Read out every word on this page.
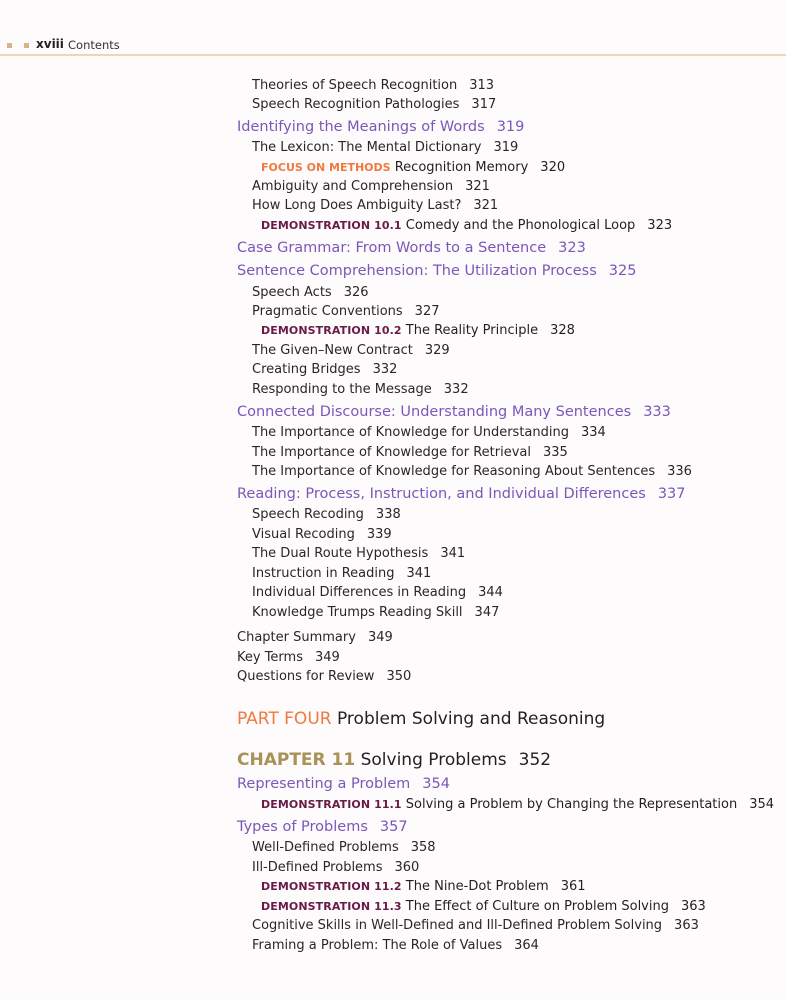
xviii Contents
Theories of Speech Recognition 313
Speech Recognition Pathologies 317
Identifying the Meanings of Words 319
The Lexicon: The Mental Dictionary 319
FOCUS ON METHODS Recognition Memory 320
Ambiguity and Comprehension 321
How Long Does Ambiguity Last? 321
DEMONSTRATION 10.1 Comedy and the Phonological Loop 323
Case Grammar: From Words to a Sentence 323
Sentence Comprehension: The Utilization Process 325
Speech Acts 326
Pragmatic Conventions 327
DEMONSTRATION 10.2 The Reality Principle 328
The Given–New Contract 329
Creating Bridges 332
Responding to the Message 332
Connected Discourse: Understanding Many Sentences 333
The Importance of Knowledge for Understanding 334
The Importance of Knowledge for Retrieval 335
The Importance of Knowledge for Reasoning About Sentences 336
Reading: Process, Instruction, and Individual Differences 337
Speech Recoding 338
Visual Recoding 339
The Dual Route Hypothesis 341
Instruction in Reading 341
Individual Differences in Reading 344
Knowledge Trumps Reading Skill 347
Chapter Summary 349
Key Terms 349
Questions for Review 350
PART FOUR Problem Solving and Reasoning
CHAPTER 11 Solving Problems 352
Representing a Problem 354
DEMONSTRATION 11.1 Solving a Problem by Changing the Representation 354
Types of Problems 357
Well-Defined Problems 358
Ill-Defined Problems 360
DEMONSTRATION 11.2 The Nine-Dot Problem 361
DEMONSTRATION 11.3 The Effect of Culture on Problem Solving 363
Cognitive Skills in Well-Defined and Ill-Defined Problem Solving 363
Framing a Problem: The Role of Values 364
